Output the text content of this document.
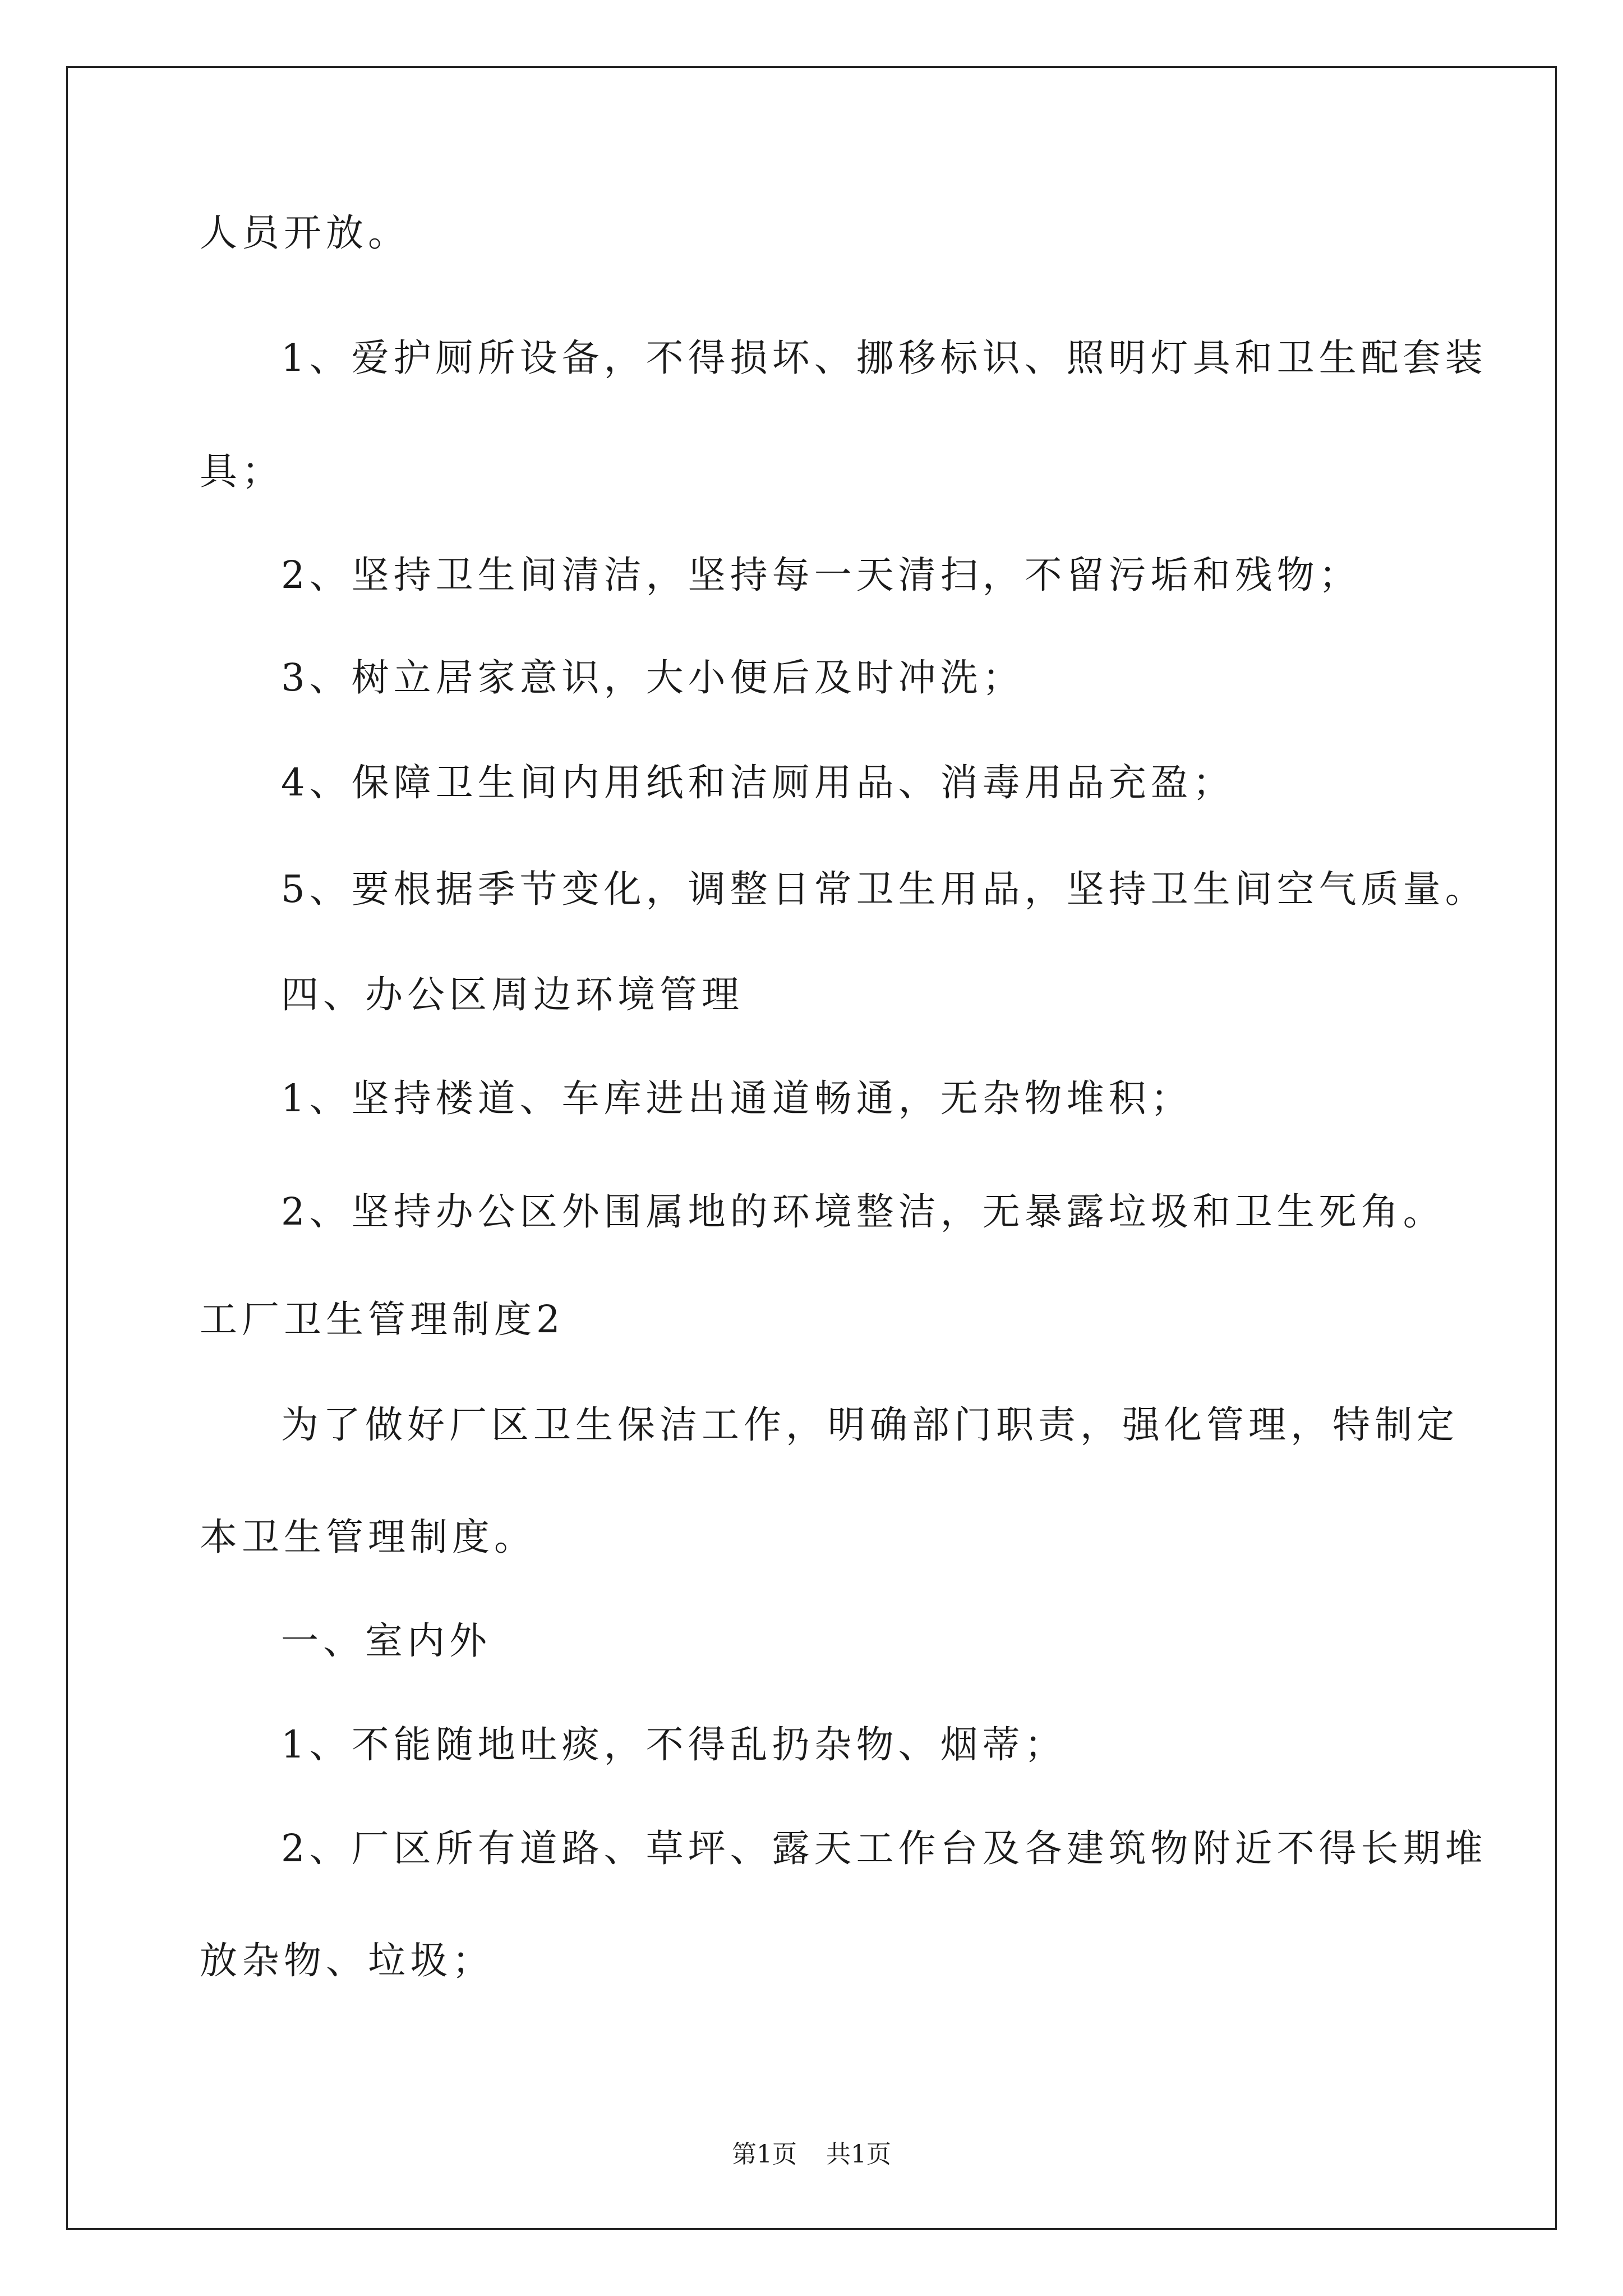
人员开放。
1、爱护厕所设备，不得损坏、挪移标识、照明灯具和卫生配套装
具；
2、坚持卫生间清洁，坚持每一天清扫，不留污垢和残物；
3、树立居家意识，大小便后及时冲洗；
4、保障卫生间内用纸和洁厕用品、消毒用品充盈；
5、要根据季节变化，调整日常卫生用品，坚持卫生间空气质量。
四、办公区周边环境管理
1、坚持楼道、车库进出通道畅通，无杂物堆积；
2、坚持办公区外围属地的环境整洁，无暴露垃圾和卫生死角。
工厂卫生管理制度2
为了做好厂区卫生保洁工作，明确部门职责，强化管理，特制定
本卫生管理制度。
一、室内外
1、不能随地吐痰，不得乱扔杂物、烟蒂；
2、厂区所有道路、草坪、露天工作台及各建筑物附近不得长期堆
放杂物、垃圾；
第1页 共1页
